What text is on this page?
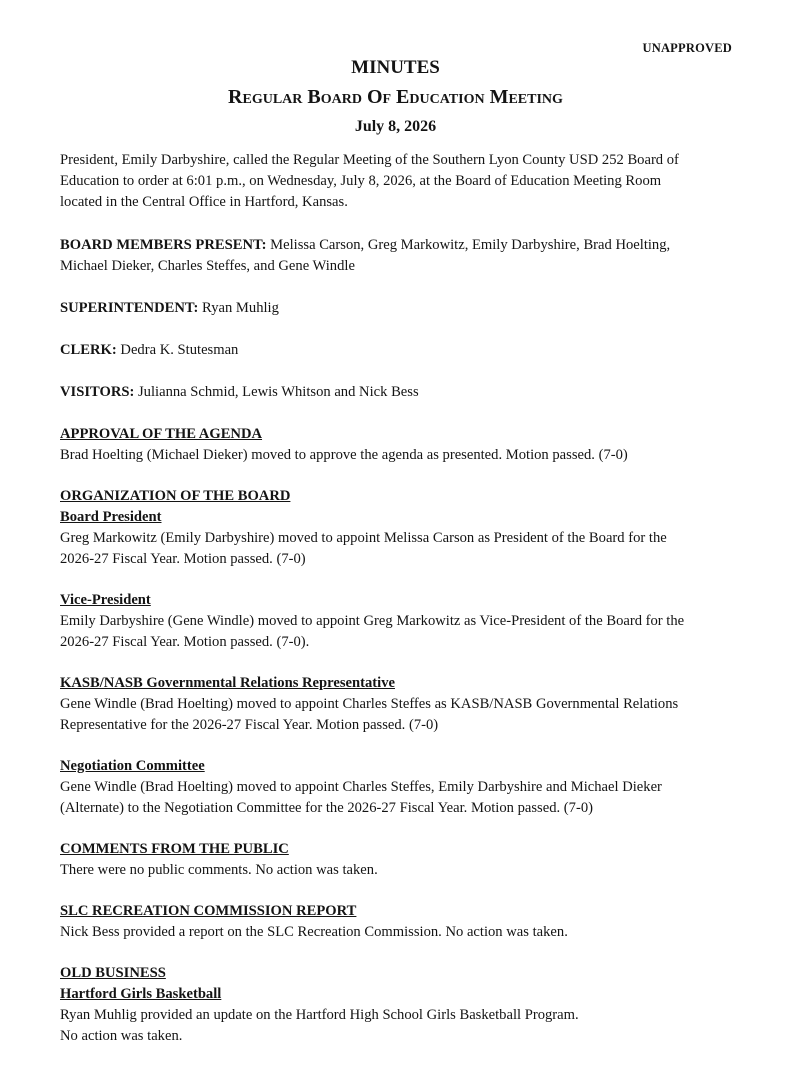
UNAPPROVED
MINUTES
Regular Board Of Education Meeting
July 8, 2026

President, Emily Darbyshire, called the Regular Meeting of the Southern Lyon County USD 252 Board of

Education to order at 6:01 p.m., on Wednesday, July 8, 2026, at the Board of Education Meeting Room

located in the Central Office in Hartford, Kansas.

BOARD MEMBERS PRESENT: Melissa Carson, Greg Markowitz, Emily Darbyshire, Brad Hoelting,

Michael Dieker, Charles Steffes, and Gene Windle

SUPERINTENDENT: Ryan Muhlig

CLERK: Dedra K. Stutesman

VISITORS: Julianna Schmid, Lewis Whitson and Nick Bess

APPROVAL OF THE AGENDA

Brad Hoelting (Michael Dieker) moved to approve the agenda as presented. Motion passed. (7-0)

ORGANIZATION OF THE BOARD

Board President

Greg Markowitz (Emily Darbyshire) moved to appoint Melissa Carson as President of the Board for the

2026-27 Fiscal Year. Motion passed. (7-0)

Vice-President

Emily Darbyshire (Gene Windle) moved to appoint Greg Markowitz as Vice-President of the Board for the

2026-27 Fiscal Year. Motion passed. (7-0).

KASB/NASB Governmental Relations Representative

Gene Windle (Brad Hoelting) moved to appoint Charles Steffes as KASB/NASB Governmental Relations

Representative for the 2026-27 Fiscal Year. Motion passed. (7-0)

Negotiation Committee

Gene Windle (Brad Hoelting) moved to appoint Charles Steffes, Emily Darbyshire and Michael Dieker

(Alternate) to the Negotiation Committee for the 2026-27 Fiscal Year. Motion passed. (7-0)

COMMENTS FROM THE PUBLIC

There were no public comments. No action was taken.

SLC RECREATION COMMISSION REPORT

Nick Bess provided a report on the SLC Recreation Commission. No action was taken.

OLD BUSINESS

Hartford Girls Basketball

Ryan Muhlig provided an update on the Hartford High School Girls Basketball Program.

No action was taken.
